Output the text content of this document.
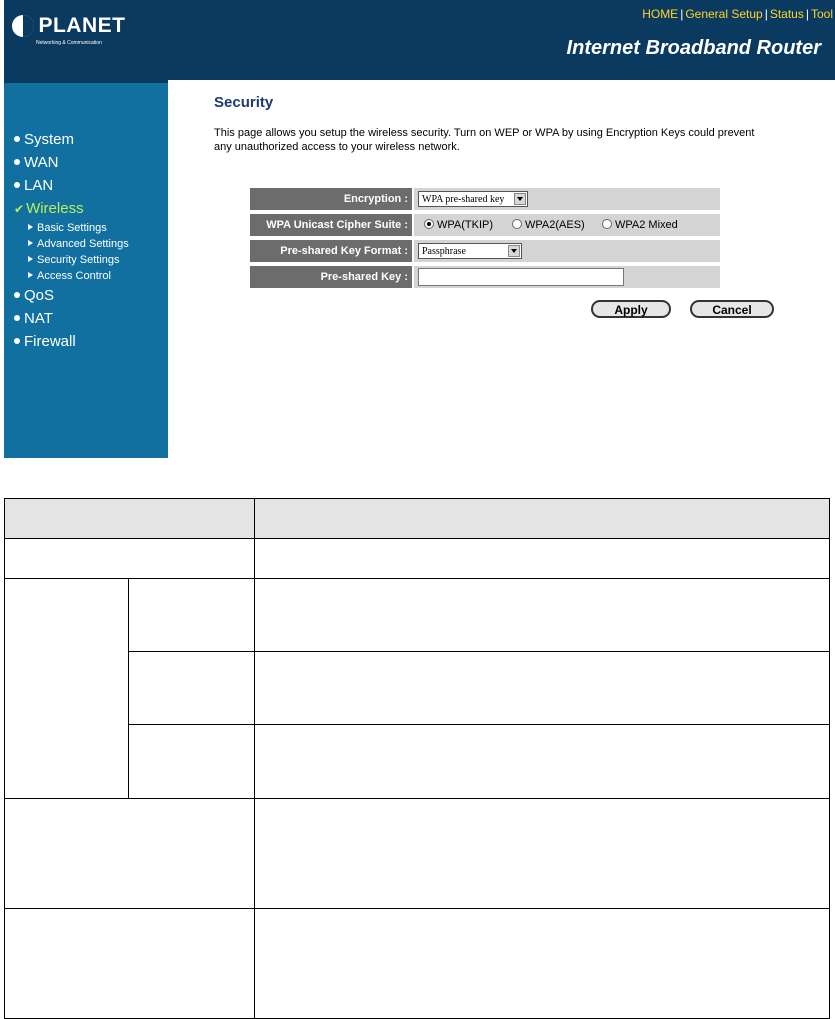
PLANET
Networking & Communication
HOME | General Setup | Status | Tool
Internet Broadband Router
System
WAN
LAN
✔ Wireless
Basic Settings
Advanced Settings
Security Settings
Access Control
QoS
NAT
Firewall
Security
This page allows you setup the wireless security. Turn on WEP or WPA by using Encryption Keys could prevent any unauthorized access to your wireless network.
Encryption :	WPA pre-shared key
WPA Unicast Cipher Suite :	WPA(TKIP)	WPA2(AES)	WPA2 Mixed
Pre-shared Key Format :	Passphrase
Pre-shared Key :
Apply	Cancel
